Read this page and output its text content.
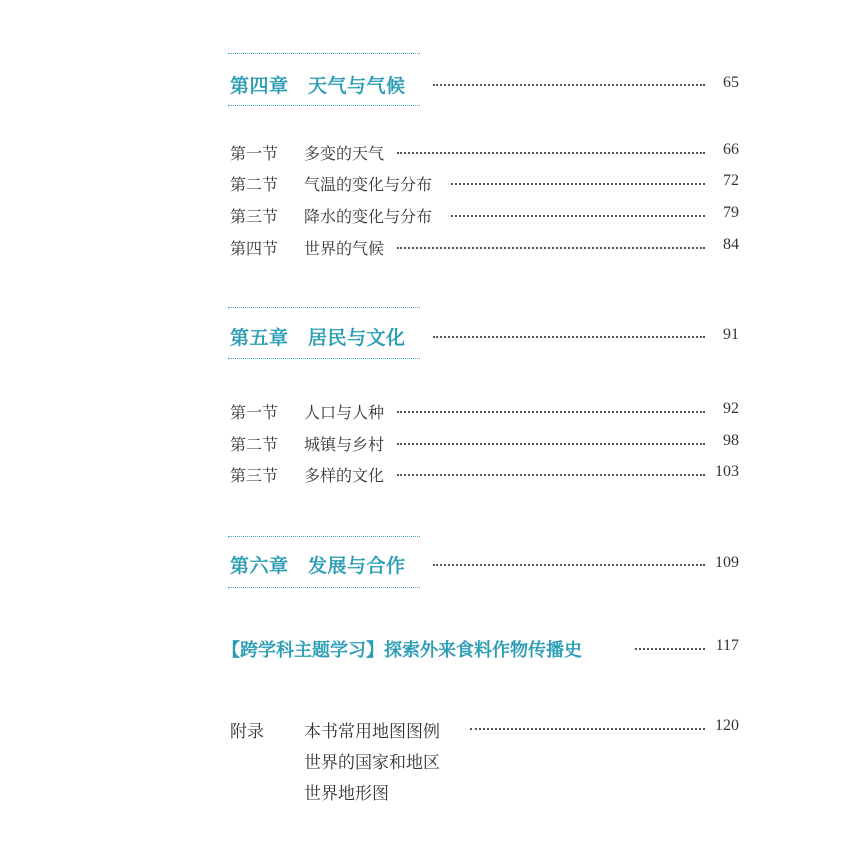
第四章　天气与气候	65
第一节 多变的天气	66
第二节 气温的变化与分布	72
第三节 降水的变化与分布	79
第四节 世界的气候	84
第五章　居民与文化	91
第一节 人口与人种	92
第二节 城镇与乡村	98
第三节 多样的文化	103
第六章　发展与合作	109
【跨学科主题学习】探索外来食料作物传播史	117
附录 本书常用地图图例	120
世界的国家和地区
世界地形图
